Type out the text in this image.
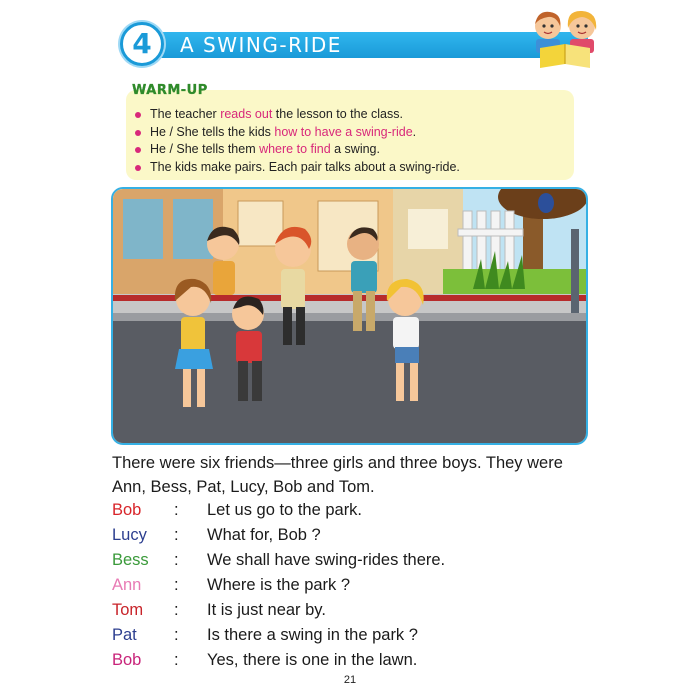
4	A SWING-RIDE
WARM-UP
The teacher reads out the lesson to the class.
He / She tells the kids how to have a swing-ride.
He / She tells them where to find a swing.
The kids make pairs. Each pair talks about a swing-ride.

There were six friends—three girls and three boys. They were Ann, Bess, Pat, Lucy, Bob and Tom.

Bob : Let us go to the park.
Lucy : What for, Bob ?
Bess : We shall have swing-rides there.
Ann : Where is the park ?
Tom : It is just near by.
Pat : Is there a swing in the park ?
Bob : Yes, there is one in the lawn.
21
